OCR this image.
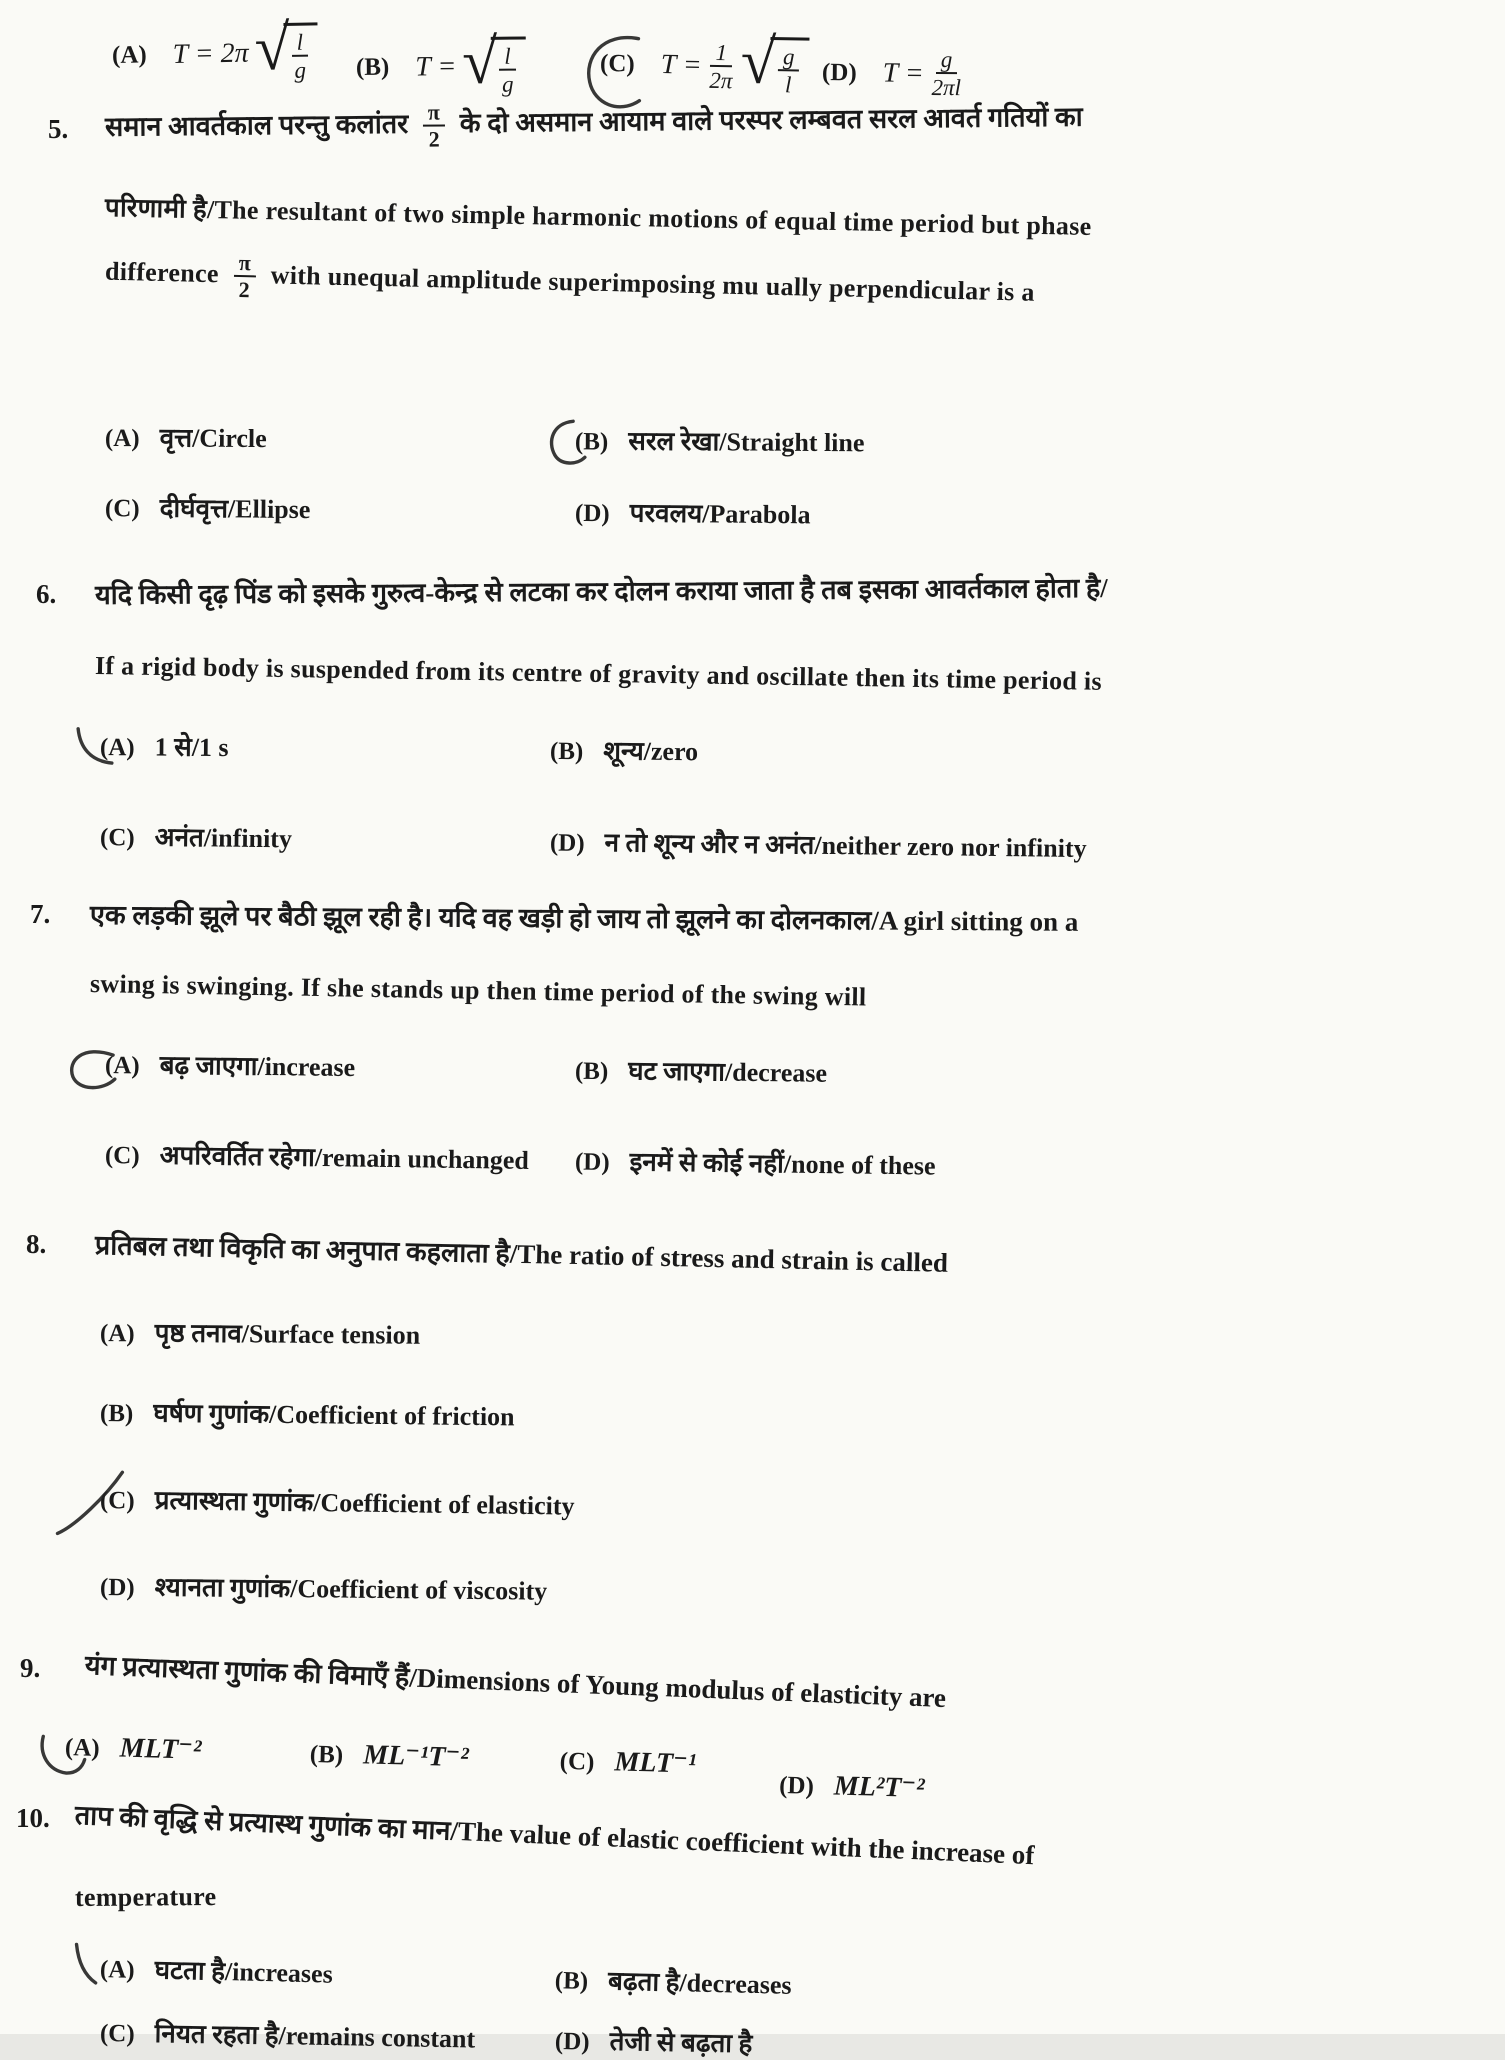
(A) T = 2π √ $\frac{l}{g} (B) T$ = √ $\frac{l}{g}$	(C) $T = \frac{1}{2\pi}$ √ $\frac{g}{l} (D) T = \frac{g}{2\pi l}$
5. समान आवर्तकाल परन्तु कलांतर $\frac{\pi}{2}$ के दो असमान आयाम वाले परस्पर लम्बवत सरल आवर्त गतियों का
परिणामी है/The resultant of two simple harmonic motions of equal time period but phase
difference $\frac{\pi}{2}$ with unequal amplitude superimposing mu ually perpendicular is a
(A) वृत्त/Circle	(B) सरल रेखा/Straight line
(C) दीर्घवृत्त/Ellipse	(D) परवलय/Parabola
6. यदि किसी दृढ़ पिंड को इसके गुरुत्व-केन्द्र से लटका कर दोलन कराया जाता है तब इसका आवर्तकाल होता है/
If a rigid body is suspended from its centre of gravity and oscillate then its time period is
(A) 1 से/1 s	(B) शून्य/zero
(C) अनंत/infinity	(D) न तो शून्य और न अनंत/neither zero nor infinity
7. एक लड़की झूले पर बैठी झूल रही है। यदि वह खड़ी हो जाय तो झूलने का दोलनकाल/A girl sitting on a
swing is swinging. If she stands up then time period of the swing will
(A) बढ़ जाएगा/increase	(B) घट जाएगा/decrease
(C) अपरिवर्तित रहेगा/remain unchanged (D) इनमें से कोई नहीं/none of these
8. प्रतिबल तथा विकृति का अनुपात कहलाता है/The ratio of stress and strain is called
(A) पृष्ठ तनाव/Surface tension
(B) घर्षण गुणांक/Coefficient of friction
(C) प्रत्यास्थता गुणांक/Coefficient of elasticity
(D) श्यानता गुणांक/Coefficient of viscosity
9. यंग प्रत्यास्थता गुणांक की विमाएँ हैं/Dimensions of Young modulus of elasticity are
(A) MLT⁻²	(B) ML⁻¹T⁻²	(C) MLT⁻¹
(D) ML²T⁻²
10. ताप की वृद्धि से प्रत्यास्थ गुणांक का मान/The value of elastic coefficient with the increase of
temperature
(A) घटता है/increases	(B) बढ़ता है/decreases
(C) नियत रहता है/remains constant	(D) तेजी से बढ़ता है
